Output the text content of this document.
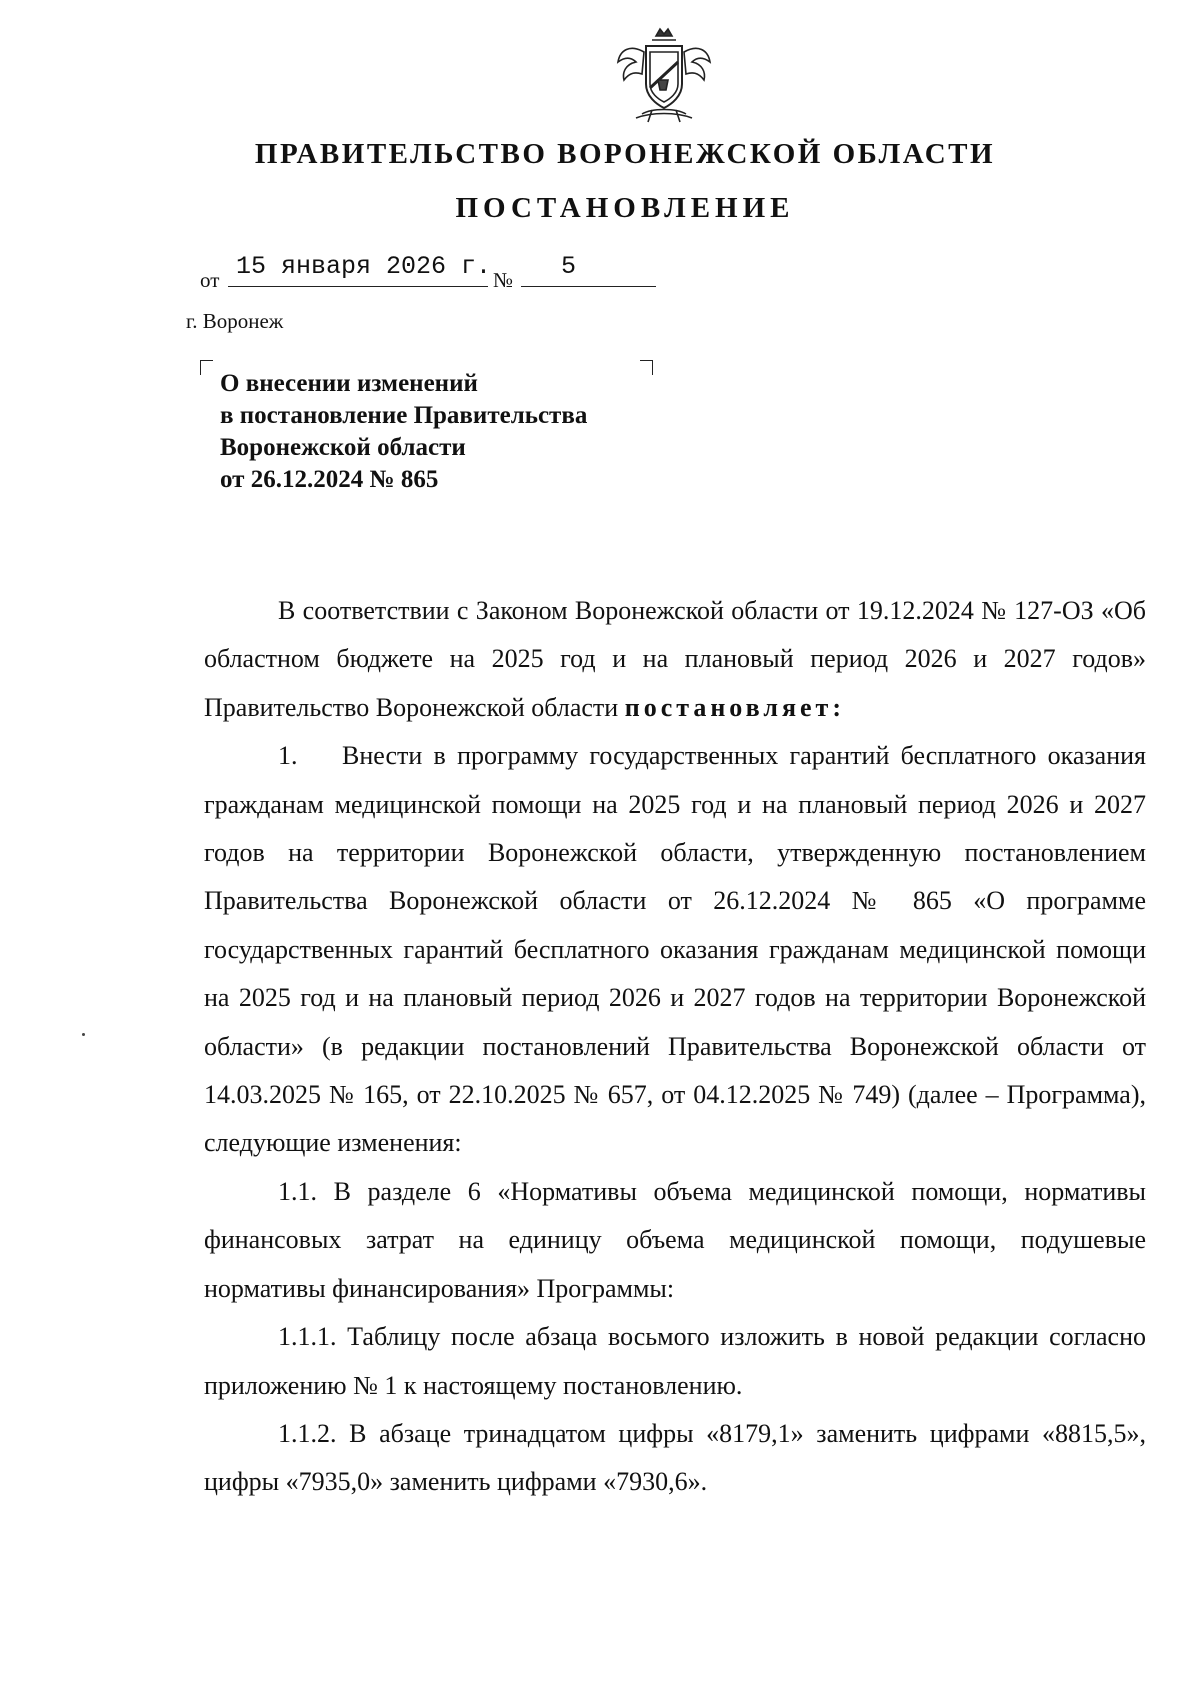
ПРАВИТЕЛЬСТВО ВОРОНЕЖСКОЙ ОБЛАСТИ
ПОСТАНОВЛЕНИЕ
от 15 января 2026 г. № 5
г. Воронеж
О внесении изменений
в постановление Правительства
Воронежской области
от 26.12.2024 № 865

В соответствии с Законом Воронежской области от 19.12.2024 № 127-ОЗ «Об областном бюджете на 2025 год и на плановый период 2026 и 2027 годов» Правительство Воронежской области постановляет:

1. Внести в программу государственных гарантий бесплатного оказания гражданам медицинской помощи на 2025 год и на плановый период 2026 и 2027 годов на территории Воронежской области, утвержденную постановлением Правительства Воронежской области от 26.12.2024 № 865 «О программе государственных гарантий бесплатного оказания гражданам медицинской помощи на 2025 год и на плановый период 2026 и 2027 годов на территории Воронежской области» (в редакции постановлений Правительства Воронежской области от 14.03.2025 № 165, от 22.10.2025 № 657, от 04.12.2025 № 749) (далее – Программа), следующие изменения:

1.1. В разделе 6 «Нормативы объема медицинской помощи, нормативы финансовых затрат на единицу объема медицинской помощи, подушевые нормативы финансирования» Программы:

1.1.1. Таблицу после абзаца восьмого изложить в новой редакции согласно приложению № 1 к настоящему постановлению.

1.1.2. В абзаце тринадцатом цифры «8179,1» заменить цифрами «8815,5», цифры «7935,0» заменить цифрами «7930,6».
